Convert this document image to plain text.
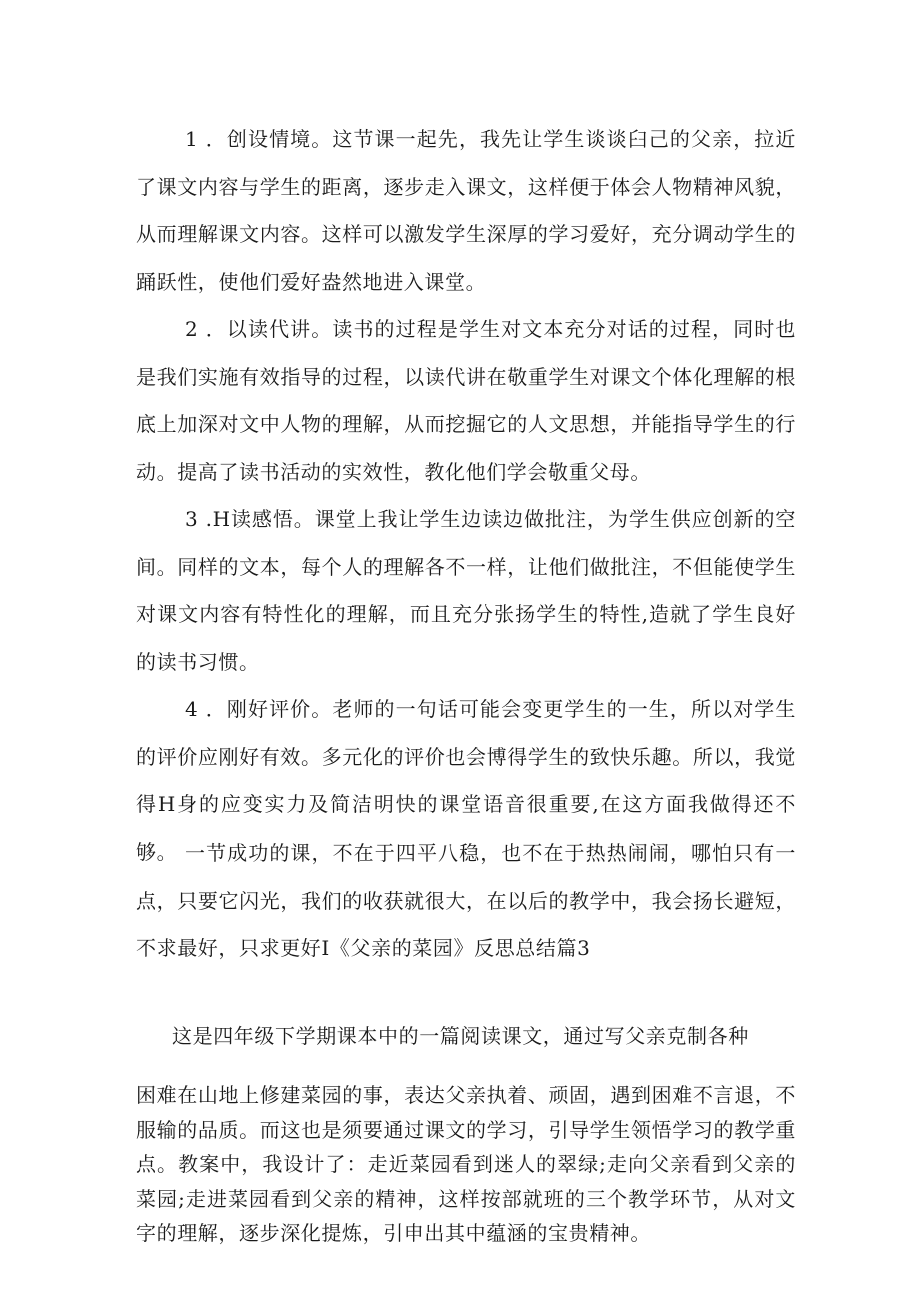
1 ．创设情境。这节课一起先，我先让学生谈谈臼己的父亲，拉近了课文内容与学生的距离，逐步走入课文，这样便于体会人物精神风貌，从而理解课文内容。这样可以激发学生深厚的学习爱好，充分调动学生的踊跃性，使他们爱好盎然地进入课堂。

2 ．以读代讲。读书的过程是学生对文本充分对话的过程，同时也是我们实施有效指导的过程，以读代讲在敬重学生对课文个体化理解的根底上加深对文中人物的理解，从而挖掘它的人文思想，并能指导学生的行动。提高了读书活动的实效性，教化他们学会敬重父母。

3 .H读感悟。课堂上我让学生边读边做批注，为学生供应创新的空间。同样的文本，每个人的理解各不一样，让他们做批注，不但能使学生对课文内容有特性化的理解，而且充分张扬学生的特性,造就了学生良好的读书习惯。

4 ．刚好评价。老师的一句话可能会变更学生的一生，所以对学生的评价应刚好有效。多元化的评价也会博得学生的致快乐趣。所以，我觉得H身的应变实力及简洁明快的课堂语音很重要,在这方面我做得还不够。 一节成功的课，不在于四平八稳，也不在于热热闹闹，哪怕只有一点，只要它闪光，我们的收获就很大，在以后的教学中，我会扬长避短，不求最好，只求更好I《父亲的菜园》反思总结篇3

这是四年级下学期课本中的一篇阅读课文，通过写父亲克制各种

困难在山地上修建菜园的事，表达父亲执着、顽固，遇到困难不言退，不服输的品质。而这也是须要通过课文的学习，引导学生领悟学习的教学重点。教案中，我设计了：走近菜园看到迷人的翠绿;走向父亲看到父亲的菜园;走进菜园看到父亲的精神，这样按部就班的三个教学环节，从对文字的理解，逐步深化提炼，引申出其中蕴涵的宝贵精神。
